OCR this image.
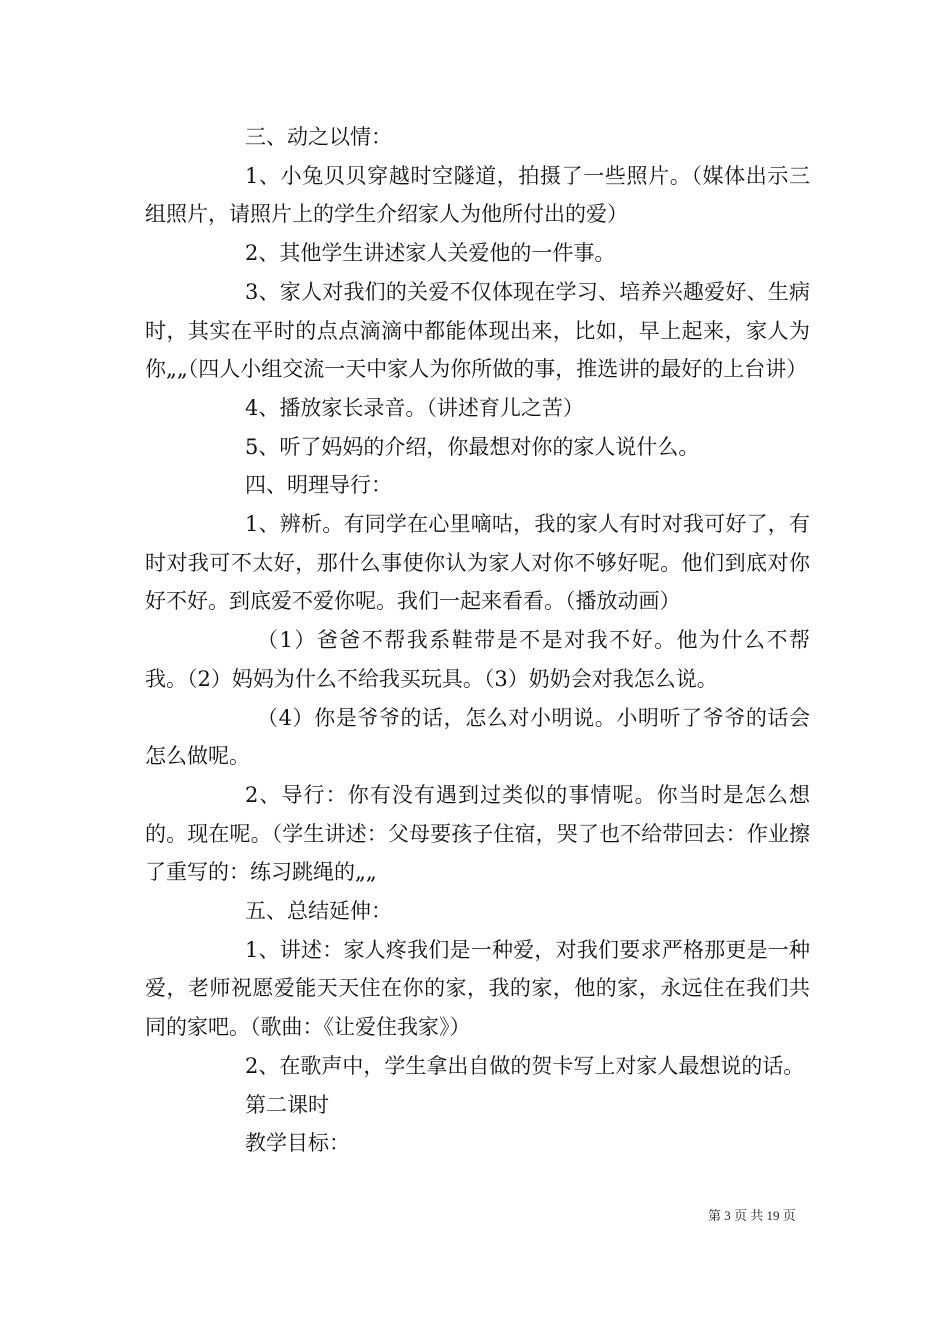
三、动之以情：

1、小兔贝贝穿越时空隧道，拍摄了一些照片。（媒体出示三组照片，请照片上的学生介绍家人为他所付出的爱）

2、其他学生讲述家人关爱他的一件事。

3、家人对我们的关爱不仅体现在学习、培养兴趣爱好、生病时，其实在平时的点点滴滴中都能体现出来，比如，早上起来，家人为你„„（四人小组交流一天中家人为你所做的事，推选讲的最好的上台讲）

4、播放家长录音。（讲述育儿之苦）

5、听了妈妈的介绍，你最想对你的家人说什么。

四、明理导行：

1、辨析。有同学在心里嘀咕，我的家人有时对我可好了，有时对我可不太好，那什么事使你认为家人对你不够好呢。他们到底对你好不好。到底爱不爱你呢。我们一起来看看。（播放动画）

（1）爸爸不帮我系鞋带是不是对我不好。他为什么不帮我。（2）妈妈为什么不给我买玩具。（3）奶奶会对我怎么说。

（4）你是爷爷的话，怎么对小明说。小明听了爷爷的话会怎么做呢。

2、导行：你有没有遇到过类似的事情呢。你当时是怎么想的。现在呢。（学生讲述：父母要孩子住宿，哭了也不给带回去：作业擦了重写的：练习跳绳的„„

五、总结延伸：

1、讲述：家人疼我们是一种爱，对我们要求严格那更是一种爱，老师祝愿爱能天天住在你的家，我的家，他的家，永远住在我们共同的家吧。（歌曲：《让爱住我家》）

2、在歌声中，学生拿出自做的贺卡写上对家人最想说的话。

第二课时

教学目标：

第 3 页 共 19 页
